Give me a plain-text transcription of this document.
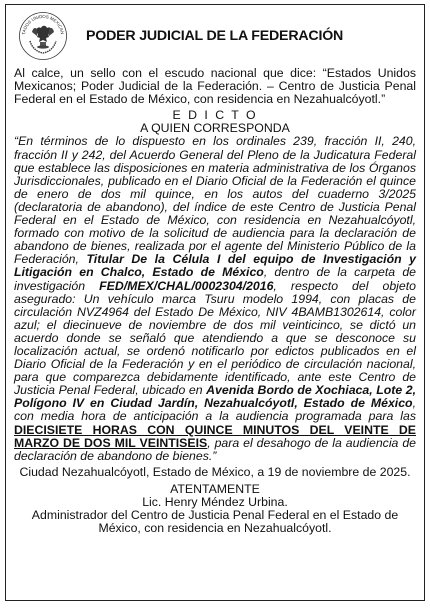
TADOS UNIDOS MEXICAN PODER JUDICIAL DE LA FEDERACIÓN

Al calce, un sello con el escudo nacional que dice: “Estados Unidos Mexicanos; Poder Judicial de la Federación. – Centro de Justicia Penal Federal en el Estado de México, con residencia en Nezahualcóyotl.”

E D I C T O

A QUIEN CORRESPONDA

“En términos de lo dispuesto en los ordinales 239, fracción II, 240, fracción II y 242, del Acuerdo General del Pleno de la Judicatura Federal que establece las disposiciones en materia administrativa de los Órganos Jurisdiccionales, publicado en el Diario Oficial de la Federación el quince de enero de dos mil quince, en los autos del cuaderno 3/2025 (declaratoria de abandono), del índice de este Centro de Justicia Penal Federal en el Estado de México, con residencia en Nezahualcóyotl, formado con motivo de la solicitud de audiencia para la declaración de abandono de bienes, realizada por el agente del Ministerio Público de la Federación, Titular De la Célula I del equipo de Investigación y Litigación en Chalco, Estado de México, dentro de la carpeta de investigación FED/MEX/CHAL/0002304/2016, respecto del objeto asegurado: Un vehículo marca Tsuru modelo 1994, con placas de circulación NVZ4964 del Estado De México, NIV 4BAMB1302614, color azul; el diecinueve de noviembre de dos mil veinticinco, se dictó un acuerdo donde se señaló que atendiendo a que se desconoce su localización actual, se ordenó notificarlo por edictos publicados en el Diario Oficial de la Federación y en el periódico de circulación nacional, para que comparezca debidamente identificado, ante este Centro de Justicia Penal Federal, ubicado en Avenida Bordo de Xochiaca, Lote 2, Polígono IV en Ciudad Jardín, Nezahualcóyotl, Estado de México, con media hora de anticipación a la audiencia programada para las DIECISIETE HORAS CON QUINCE MINUTOS DEL VEINTE DE MARZO DE DOS MIL VEINTISEIS, para el desahogo de la audiencia de declaración de abandono de bienes.”

Ciudad Nezahualcóyotl, Estado de México, a 19 de noviembre de 2025.

ATENTAMENTE

Lic. Henry Méndez Urbina.

Administrador del Centro de Justicia Penal Federal en el Estado de México, con residencia en Nezahualcóyotl.
